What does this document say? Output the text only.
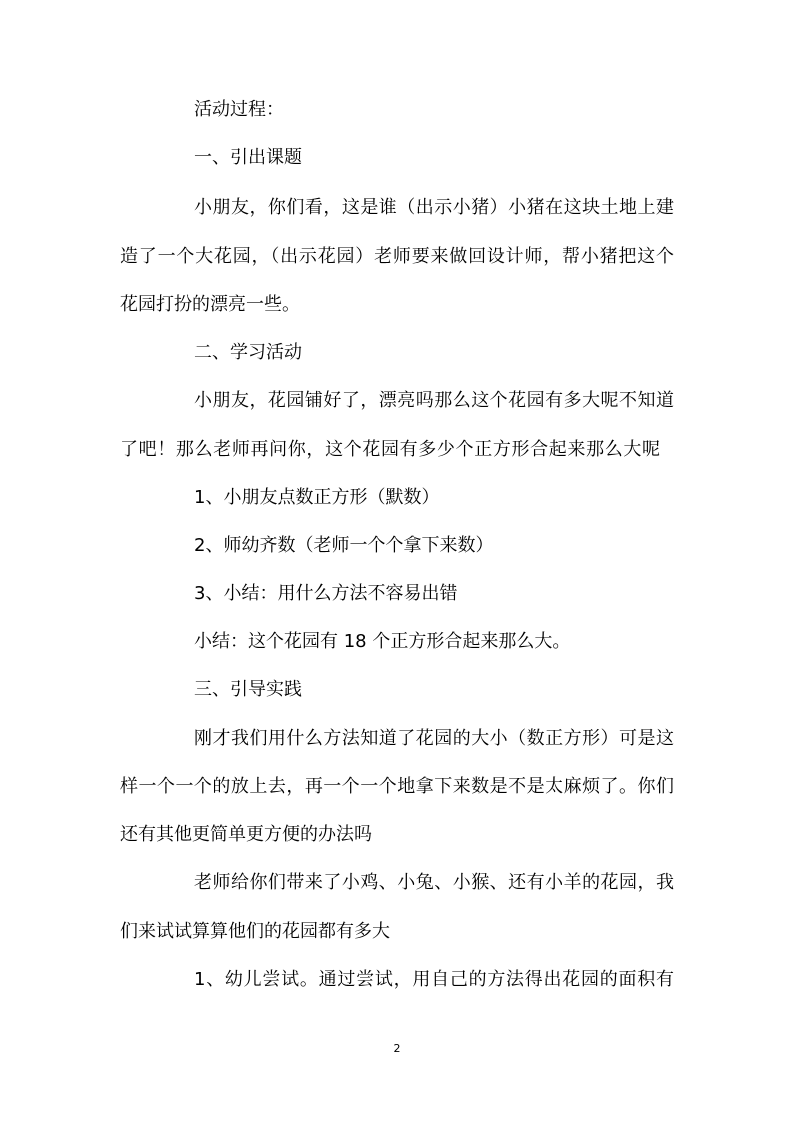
活动过程：
一、引出课题
小朋友，你们看，这是谁（出示小猪）小猪在这块土地上建
造了一个大花园，（出示花园）老师要来做回设计师，帮小猪把这个
花园打扮的漂亮一些。
二、学习活动
小朋友，花园铺好了，漂亮吗那么这个花园有多大呢不知道
了吧！那么老师再问你，这个花园有多少个正方形合起来那么大呢
1、小朋友点数正方形（默数）
2、师幼齐数（老师一个个拿下来数）
3、小结：用什么方法不容易出错
小结：这个花园有 18 个正方形合起来那么大。
三、引导实践
刚才我们用什么方法知道了花园的大小（数正方形）可是这
样一个一个的放上去，再一个一个地拿下来数是不是太麻烦了。你们
还有其他更简单更方便的办法吗
老师给你们带来了小鸡、小兔、小猴、还有小羊的花园，我
们来试试算算他们的花园都有多大
1、幼儿尝试。通过尝试，用自己的方法得出花园的面积有
2
